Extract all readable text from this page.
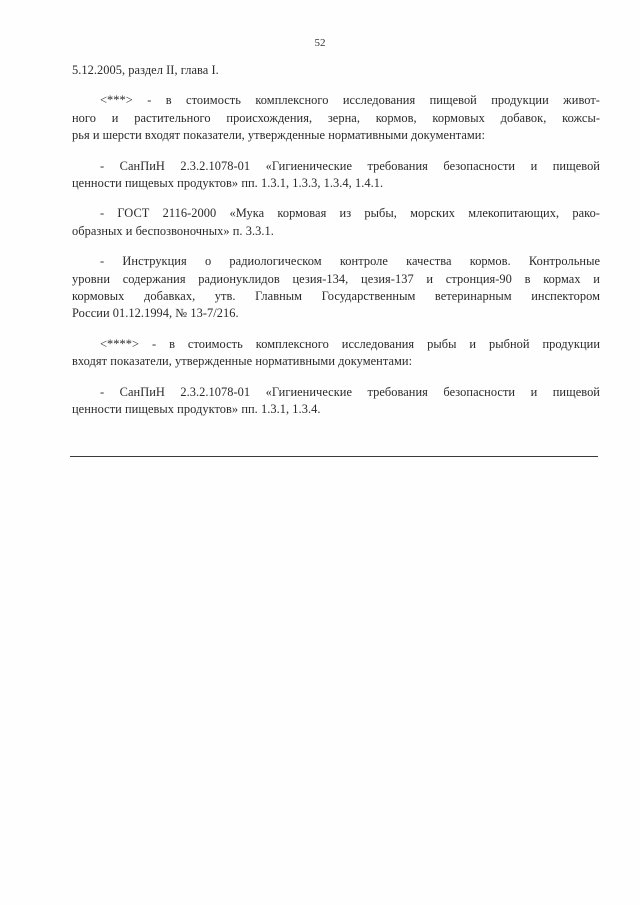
52

5.12.2005, раздел II, глава I.

<***> - в стоимость комплексного исследования пищевой продукции живот-
ного и растительного происхождения, зерна, кормов, кормовых добавок, кожсы-
рья и шерсти входят показатели, утвержденные нормативными документами:

- СанПиН 2.3.2.1078-01 «Гигиенические требования безопасности и пищевой
ценности пищевых продуктов» пп. 1.3.1, 1.3.3, 1.3.4, 1.4.1.

- ГОСТ 2116-2000 «Мука кормовая из рыбы, морских млекопитающих, рако-
образных и беспозвоночных» п. 3.3.1.

- Инструкция о радиологическом контроле качества кормов. Контрольные
уровни содержания радионуклидов цезия-134, цезия-137 и стронция-90 в кормах и
кормовых добавках, утв. Главным Государственным ветеринарным инспектором
России 01.12.1994, № 13-7/216.

<****> - в стоимость комплексного исследования рыбы и рыбной продукции
входят показатели, утвержденные нормативными документами:

- СанПиН 2.3.2.1078-01 «Гигиенические требования безопасности и пищевой
ценности пищевых продуктов» пп. 1.3.1, 1.3.4.
